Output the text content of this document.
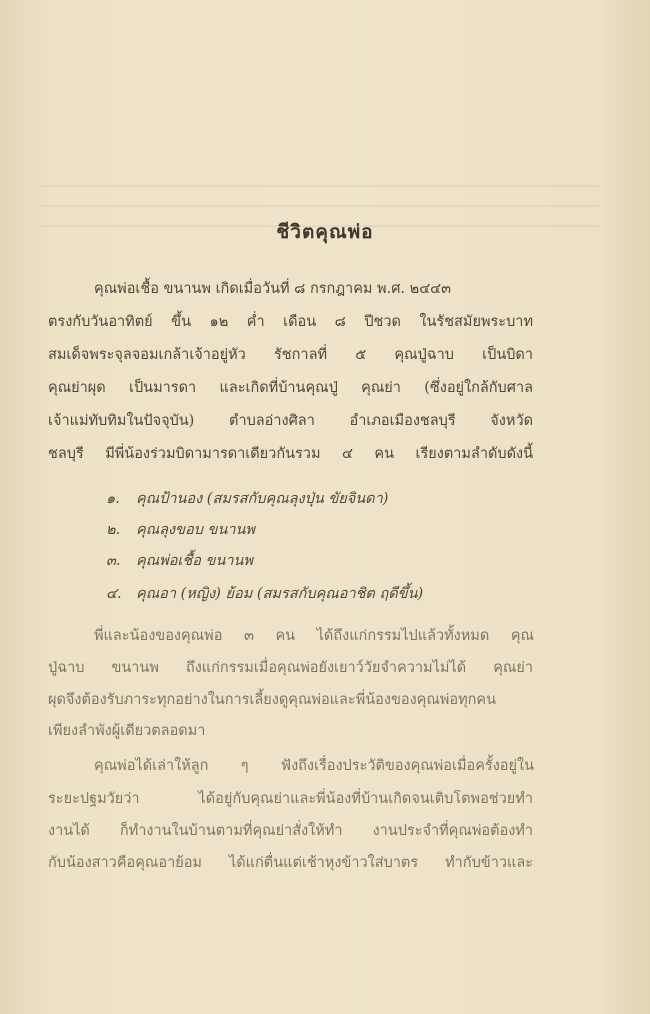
ชีวิตคุณพ่อ
คุณพ่อเชื้อ ขนานพ เกิดเมื่อวันที่ ๘ กรกฎาคม พ.ศ. ๒๔๔๓
ตรงกับวันอาทิตย์ ขึ้น ๑๒ ค่ำ เดือน ๘ ปีชวด ในรัชสมัยพระบาท
สมเด็จพระจุลจอมเกล้าเจ้าอยู่หัว รัชกาลที่ ๕ คุณปู่ฉาบ เป็นบิดา
คุณย่าผุด เป็นมารดา และเกิดที่บ้านคุณปู่ คุณย่า (ซึ่งอยู่ใกล้กับศาล
เจ้าแม่ทับทิมในปัจจุบัน) ตำบลอ่างศิลา อำเภอเมืองชลบุรี จังหวัด
ชลบุรี มีพี่น้องร่วมบิดามารดาเดียวกันรวม ๔ คน เรียงตามลำดับดังนี้
๑. คุณป้านอง (สมรสกับคุณลุงปุ่น ขัยจินดา)
๒. คุณลุงขอบ ขนานพ
๓. คุณพ่อเชื้อ ขนานพ
๔. คุณอา (หญิง) ย้อม (สมรสกับคุณอาชิต ฤดีขึ้น)
พี่และน้องของคุณพ่อ ๓ คน ได้ถึงแก่กรรมไปแล้วทั้งหมด คุณ
ปู่ฉาบ ขนานพ ถึงแก่กรรมเมื่อคุณพ่อยังเยาว์วัยจำความไม่ได้ คุณย่า
ผุดจึงต้องรับภาระทุกอย่างในการเลี้ยงดูคุณพ่อและพี่น้องของคุณพ่อทุกคน
เพียงลำพังผู้เดียวตลอดมา
คุณพ่อได้เล่าให้ลูก ๆ ฟังถึงเรื่องประวัติของคุณพ่อเมื่อครั้งอยู่ใน
ระยะปฐมวัยว่า ได้อยู่กับคุณย่าและพี่น้องที่บ้านเกิดจนเติบโตพอช่วยทำ
งานได้ ก็ทำงานในบ้านตามที่คุณย่าสั่งให้ทำ งานประจำที่คุณพ่อต้องทำ
กับน้องสาวคือคุณอาย้อม ได้แก่ตื่นแต่เช้าหุงข้าวใส่บาตร ทำกับข้าวและ
